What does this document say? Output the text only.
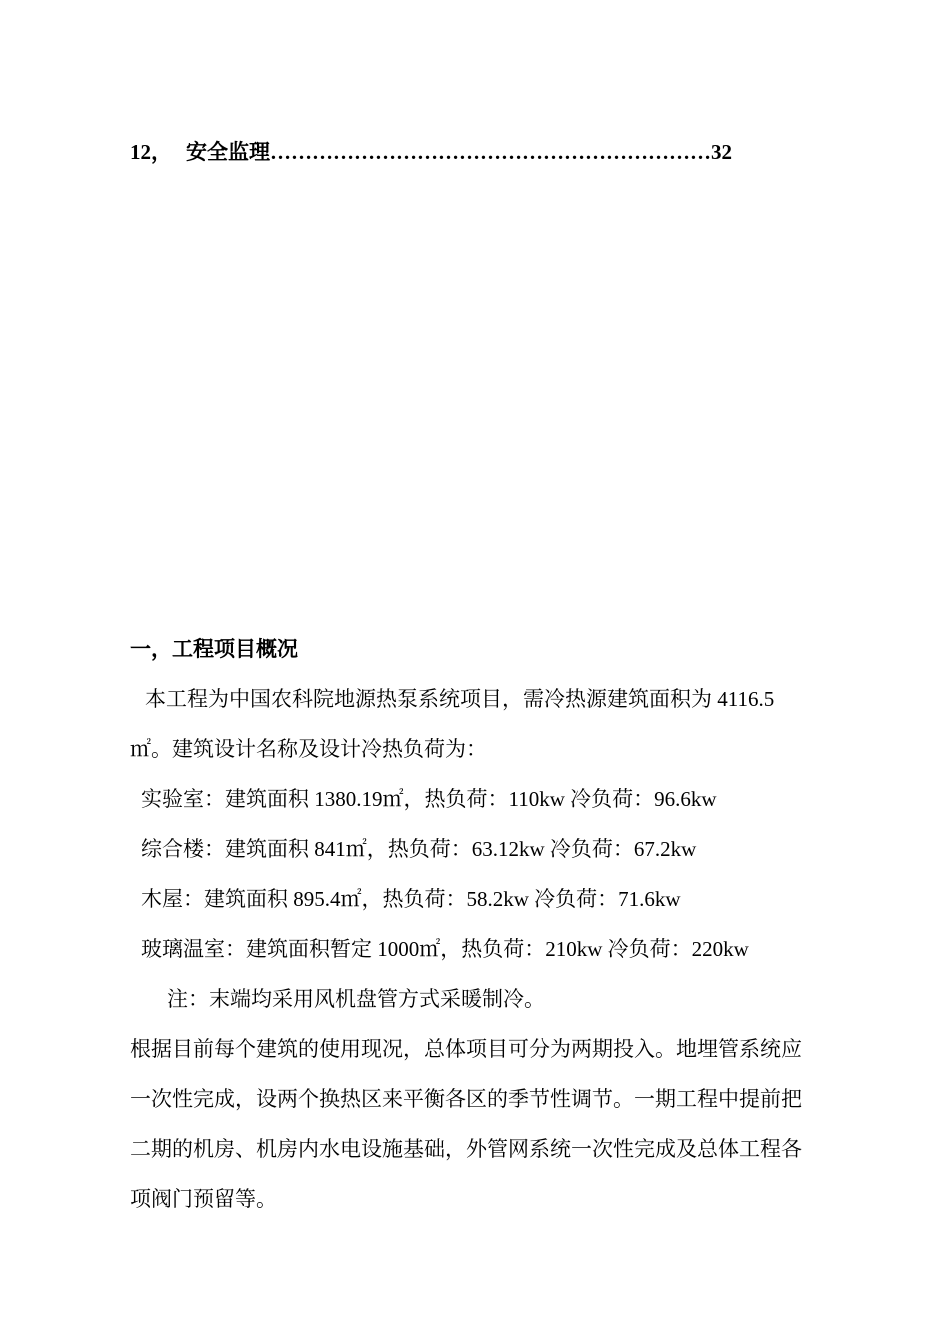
12， 安全监理………………………………………………………32
一，工程项目概况
本工程为中国农科院地源热泵系统项目，需冷热源建筑面积为 4116.5
㎡。建筑设计名称及设计冷热负荷为：
实验室：建筑面积 1380.19㎡，热负荷：110kw 冷负荷：96.6kw
综合楼：建筑面积 841㎡，热负荷：63.12kw 冷负荷：67.2kw
木屋：建筑面积 895.4㎡，热负荷：58.2kw 冷负荷：71.6kw
玻璃温室：建筑面积暂定 1000㎡，热负荷：210kw 冷负荷：220kw
注：末端均采用风机盘管方式采暖制冷。
根据目前每个建筑的使用现况，总体项目可分为两期投入。地埋管系统应
一次性完成，设两个换热区来平衡各区的季节性调节。一期工程中提前把
二期的机房、机房内水电设施基础，外管网系统一次性完成及总体工程各
项阀门预留等。
